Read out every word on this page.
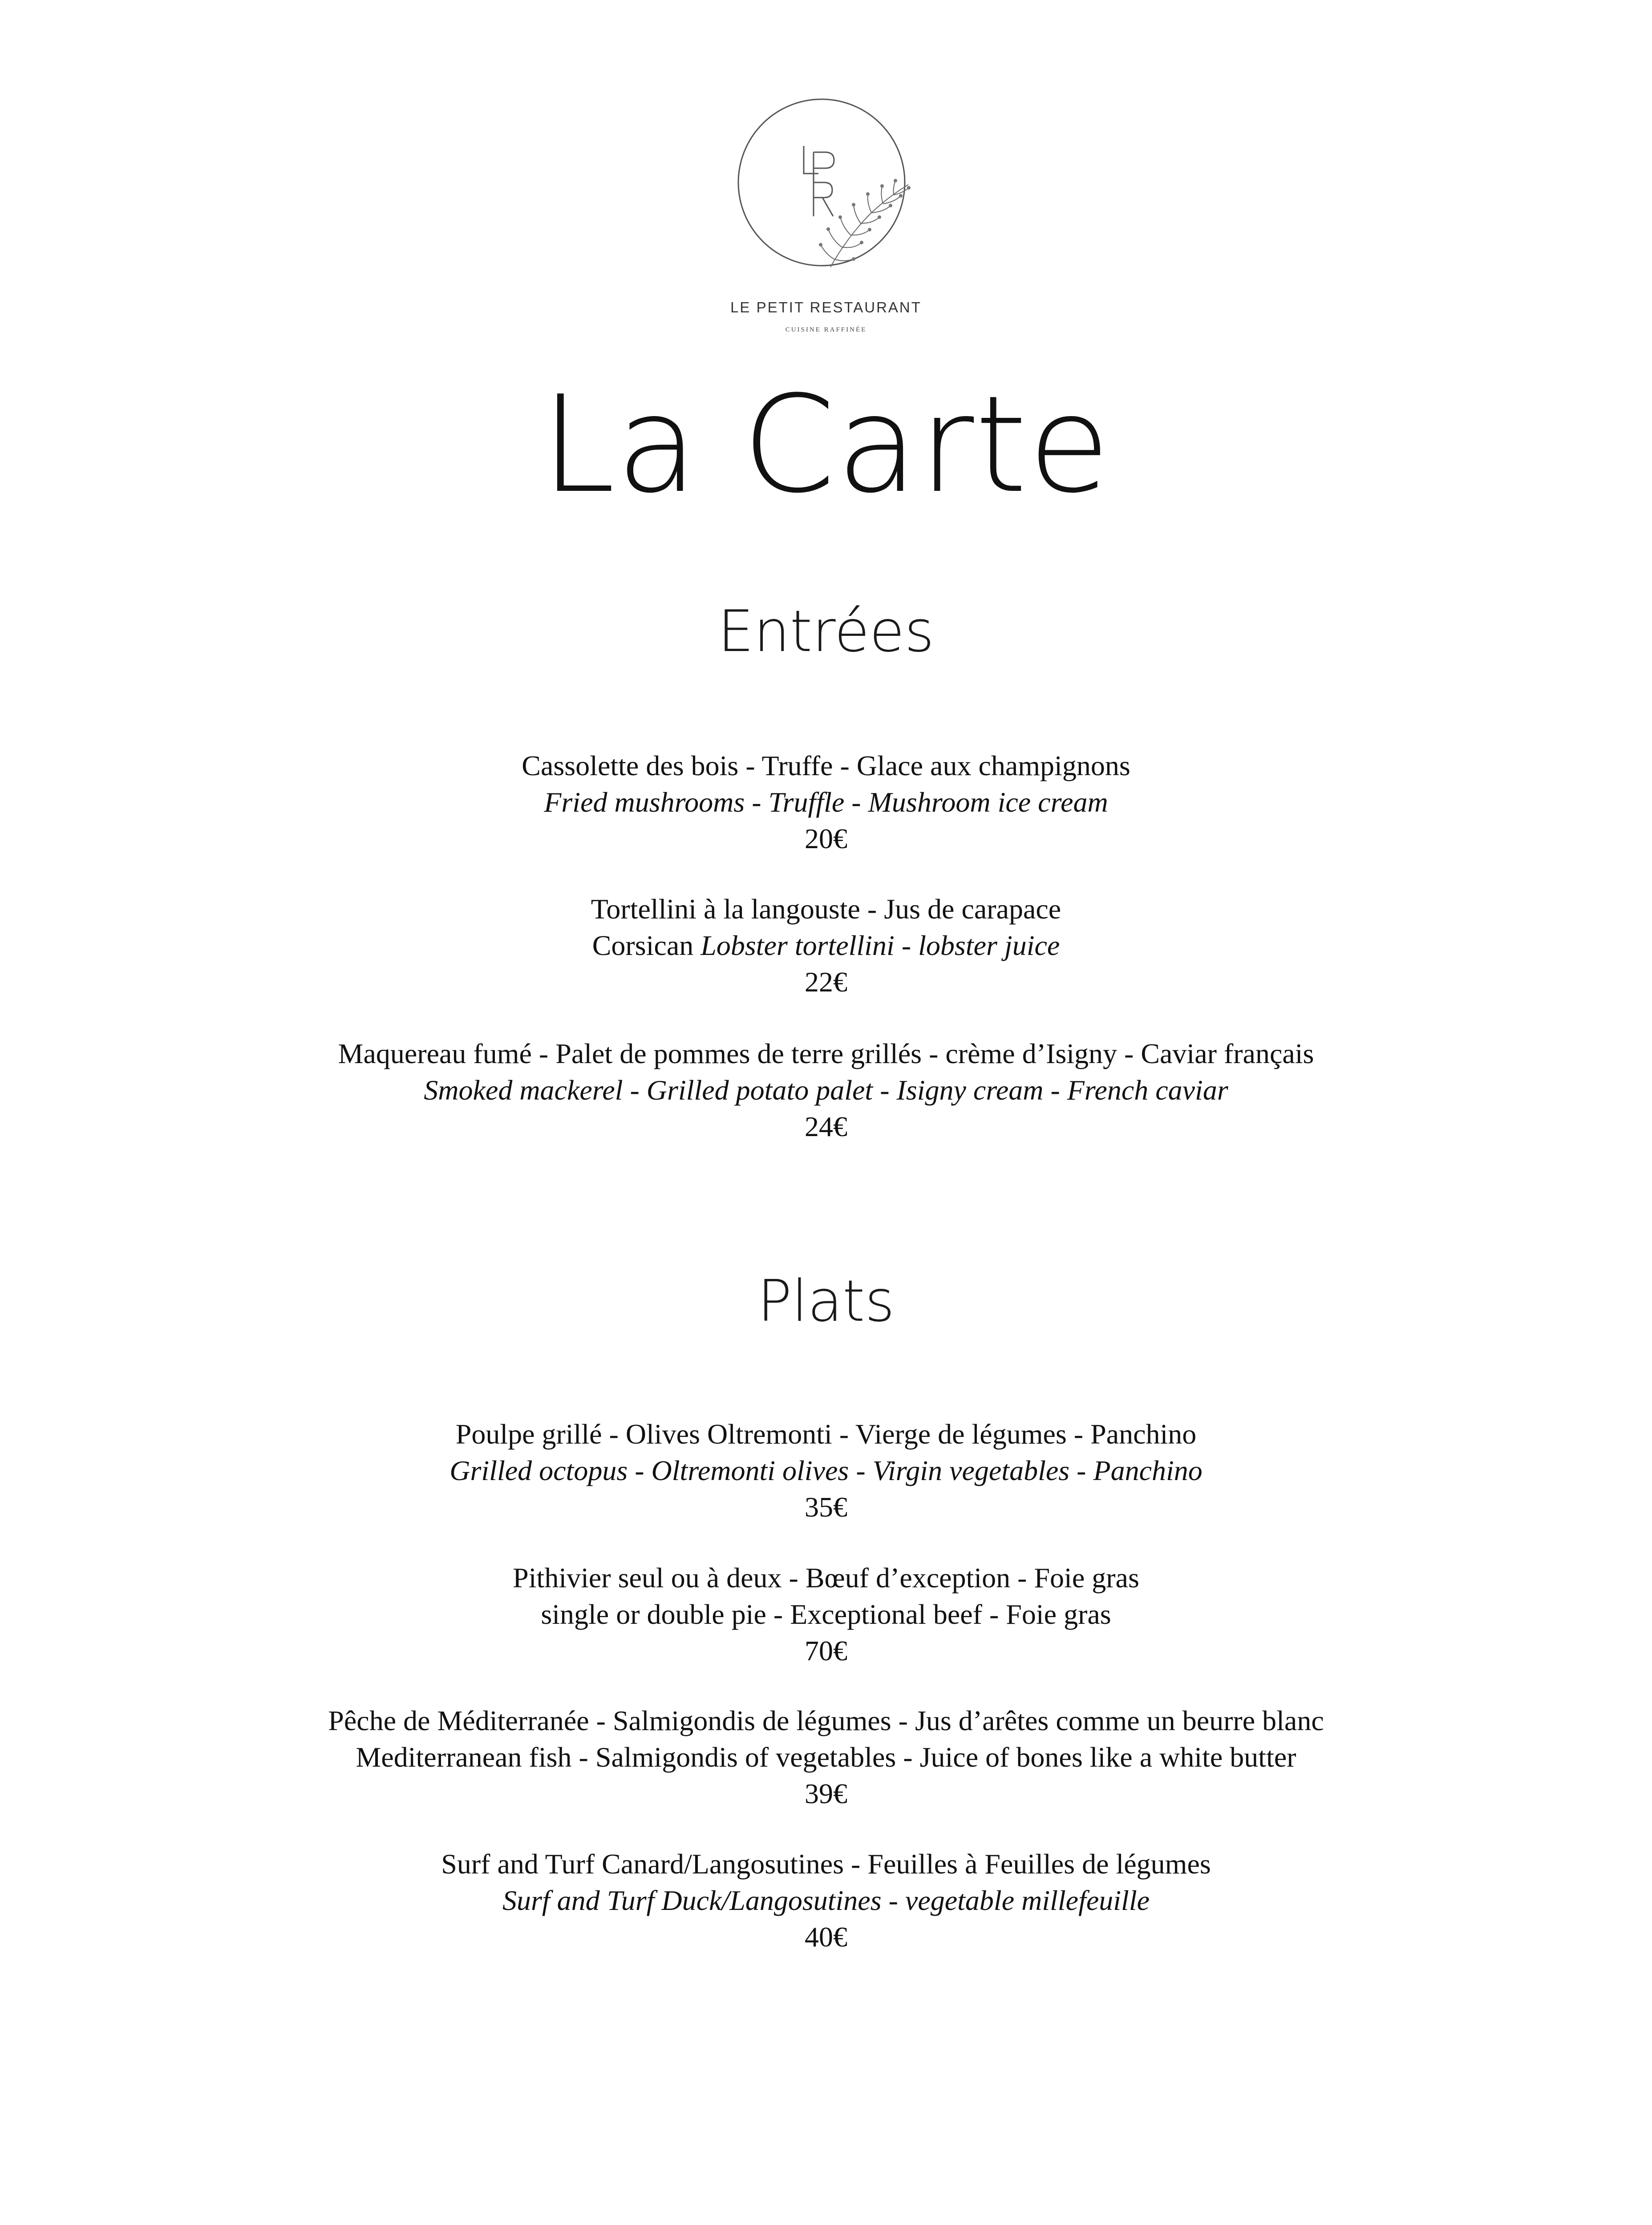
LE PETIT RESTAURANT
CUISINE RAFFINÉE
La Carte
Entrées
Cassolette des bois - Truffe - Glace aux champignons
Fried mushrooms - Truffle - Mushroom ice cream
20€
Tortellini à la langouste - Jus de carapace
Corsican Lobster tortellini - lobster juice
22€
Maquereau fumé - Palet de pommes de terre grillés - crème d’Isigny - Caviar français
Smoked mackerel - Grilled potato palet - Isigny cream - French caviar
24€
Plats
Poulpe grillé - Olives Oltremonti - Vierge de légumes - Panchino
Grilled octopus - Oltremonti olives - Virgin vegetables - Panchino
35€
Pithivier seul ou à deux - Bœuf d’exception - Foie gras
single or double pie - Exceptional beef - Foie gras
70€
Pêche de Méditerranée - Salmigondis de légumes - Jus d’arêtes comme un beurre blanc
Mediterranean fish - Salmigondis of vegetables - Juice of bones like a white butter
39€
Surf and Turf Canard/Langosutines - Feuilles à Feuilles de légumes
Surf and Turf Duck/Langosutines - vegetable millefeuille
40€
